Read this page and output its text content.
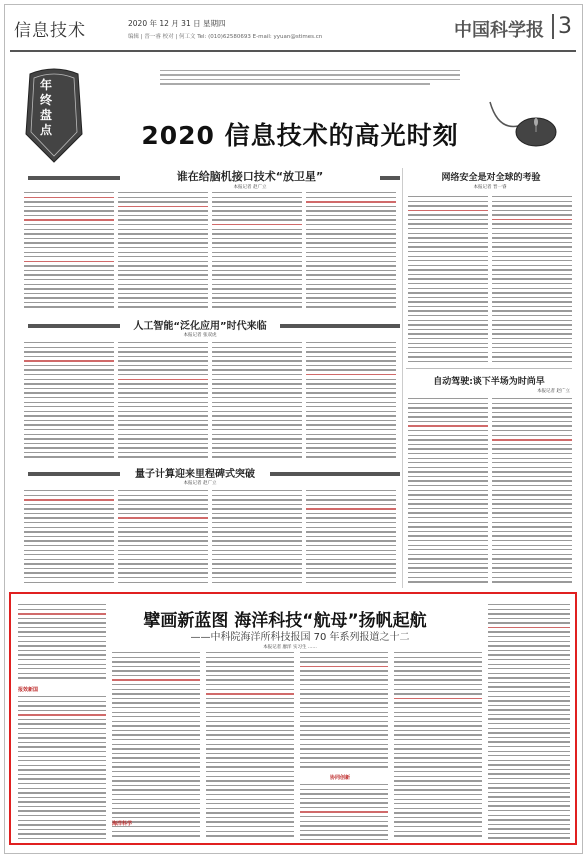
信息技术	2020 年 12 月 31 日 星期四
编辑 | 晋一睿 校对 | 何工文 Tel: (010)62580693 E-mail: yyuan@stimes.cn	中国科学报 3
年终盘点	2020 信息技术的高光时刻
谁在给脑机接口技术“放卫星”
本报记者 赵广立
网络安全是对全球的考验
本报记者 晋一睿
人工智能“泛化应用”时代来临
本报记者 张双虎
自动驾驶:谈下半场为时尚早
本报记者 赵广立
量子计算迎来里程碑式突破
本报记者 赵广立
擘画新蓝图 海洋科技“航母”扬帆起航
——中科院海洋所科技报国 70 年系列报道之十二
本报记者 廖洋 实习生 ……
报效新国
海洋科学
协同创新
